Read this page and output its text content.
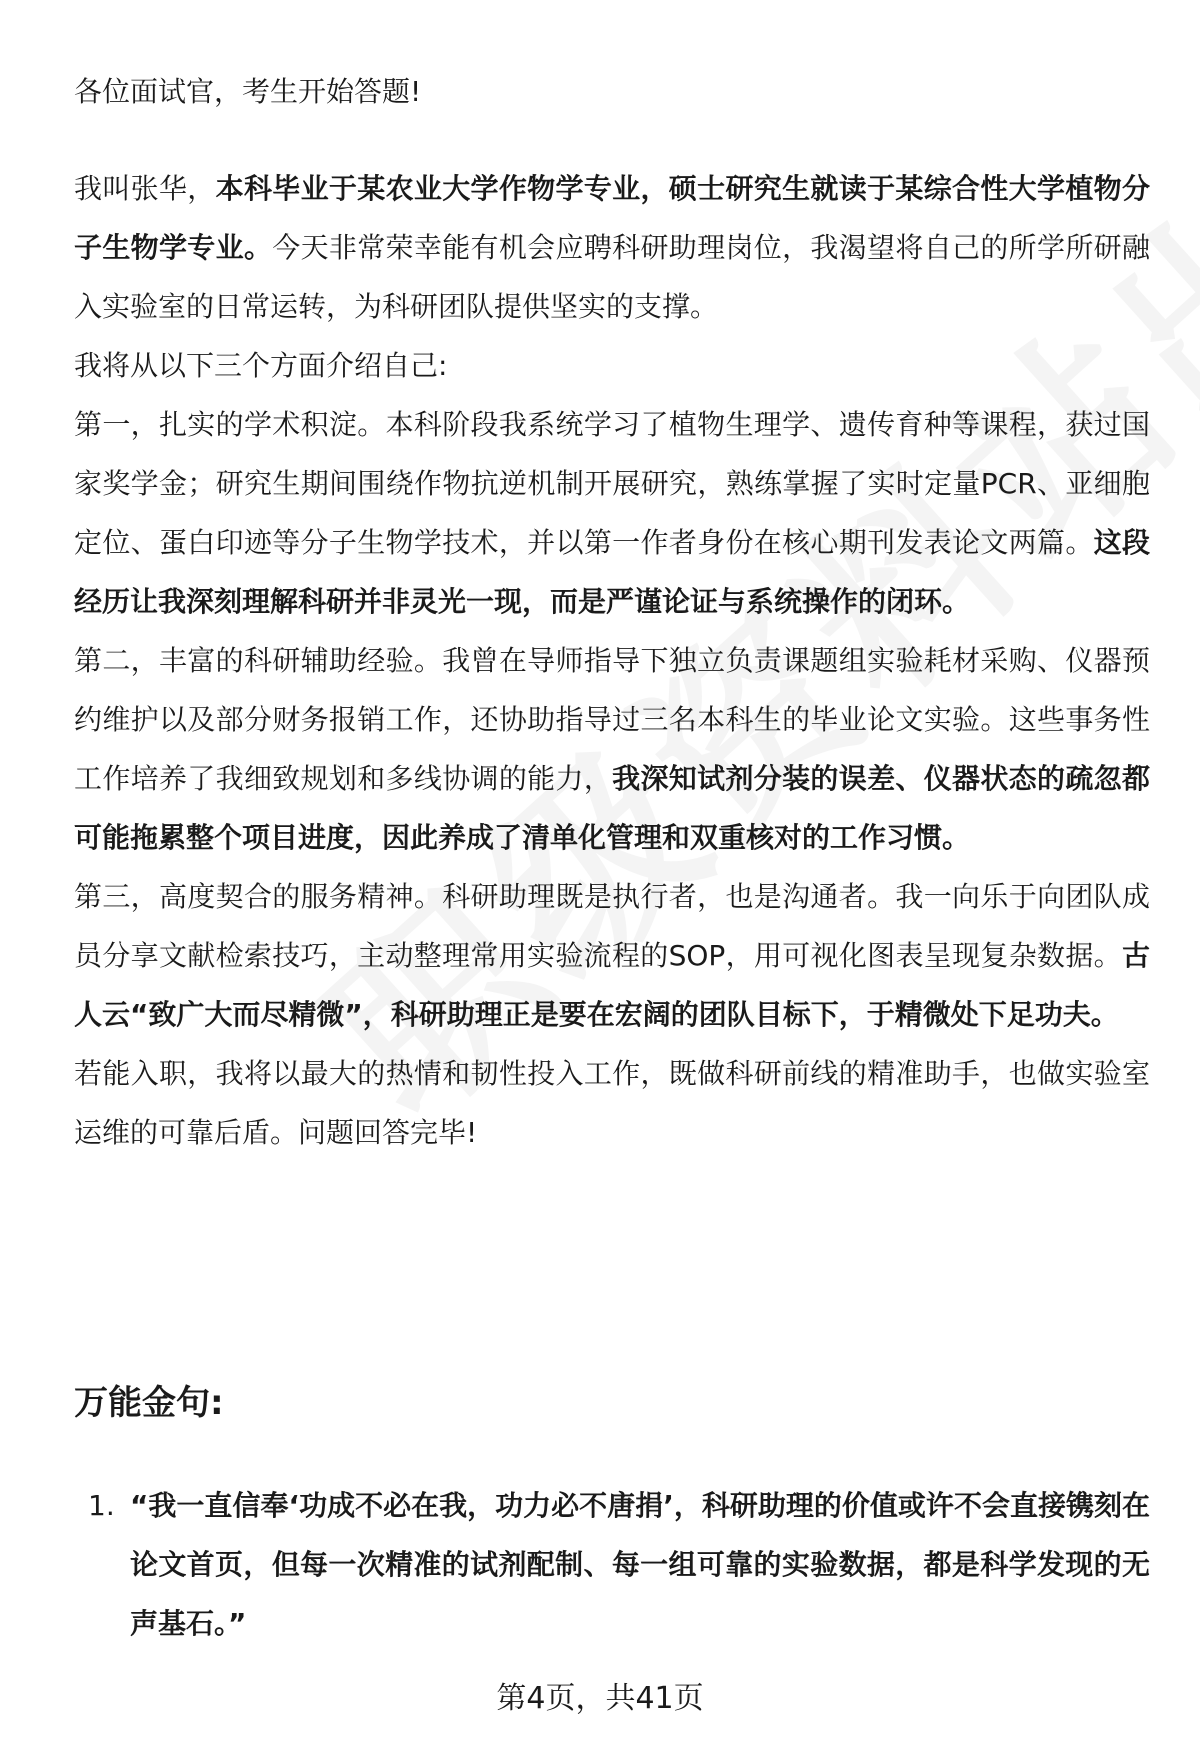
各位面试官，考生开始答题!

我叫张华，本科毕业于某农业大学作物学专业，硕士研究生就读于某综合性大学植物分子生物学专业。今天非常荣幸能有机会应聘科研助理岗位，我渴望将自己的所学所研融入实验室的日常运转，为科研团队提供坚实的支撑。

我将从以下三个方面介绍自己:

第一，扎实的学术积淀。本科阶段我系统学习了植物生理学、遗传育种等课程，获过国家奖学金；研究生期间围绕作物抗逆机制开展研究，熟练掌握了实时定量PCR、亚细胞定位、蛋白印迹等分子生物学技术，并以第一作者身份在核心期刊发表论文两篇。这段经历让我深刻理解科研并非灵光一现，而是严谨论证与系统操作的闭环。

第二，丰富的科研辅助经验。我曾在导师指导下独立负责课题组实验耗材采购、仪器预约维护以及部分财务报销工作，还协助指导过三名本科生的毕业论文实验。这些事务性工作培养了我细致规划和多线协调的能力，我深知试剂分装的误差、仪器状态的疏忽都可能拖累整个项目进度，因此养成了清单化管理和双重核对的工作习惯。

第三，高度契合的服务精神。科研助理既是执行者，也是沟通者。我一向乐于向团队成员分享文献检索技巧，主动整理常用实验流程的SOP，用可视化图表呈现复杂数据。古人云“致广大而尽精微”，科研助理正是要在宏阔的团队目标下，于精微处下足功夫。

若能入职，我将以最大的热情和韧性投入工作，既做科研前线的精准助手，也做实验室运维的可靠后盾。问题回答完毕!

万能金句:
1. “我一直信奉‘功成不必在我，功力必不唐捐’，科研助理的价值或许不会直接镌刻在论文首页，但每一次精准的试剂配制、每一组可靠的实验数据，都是科学发现的无声基石。”
第4页，共41页
